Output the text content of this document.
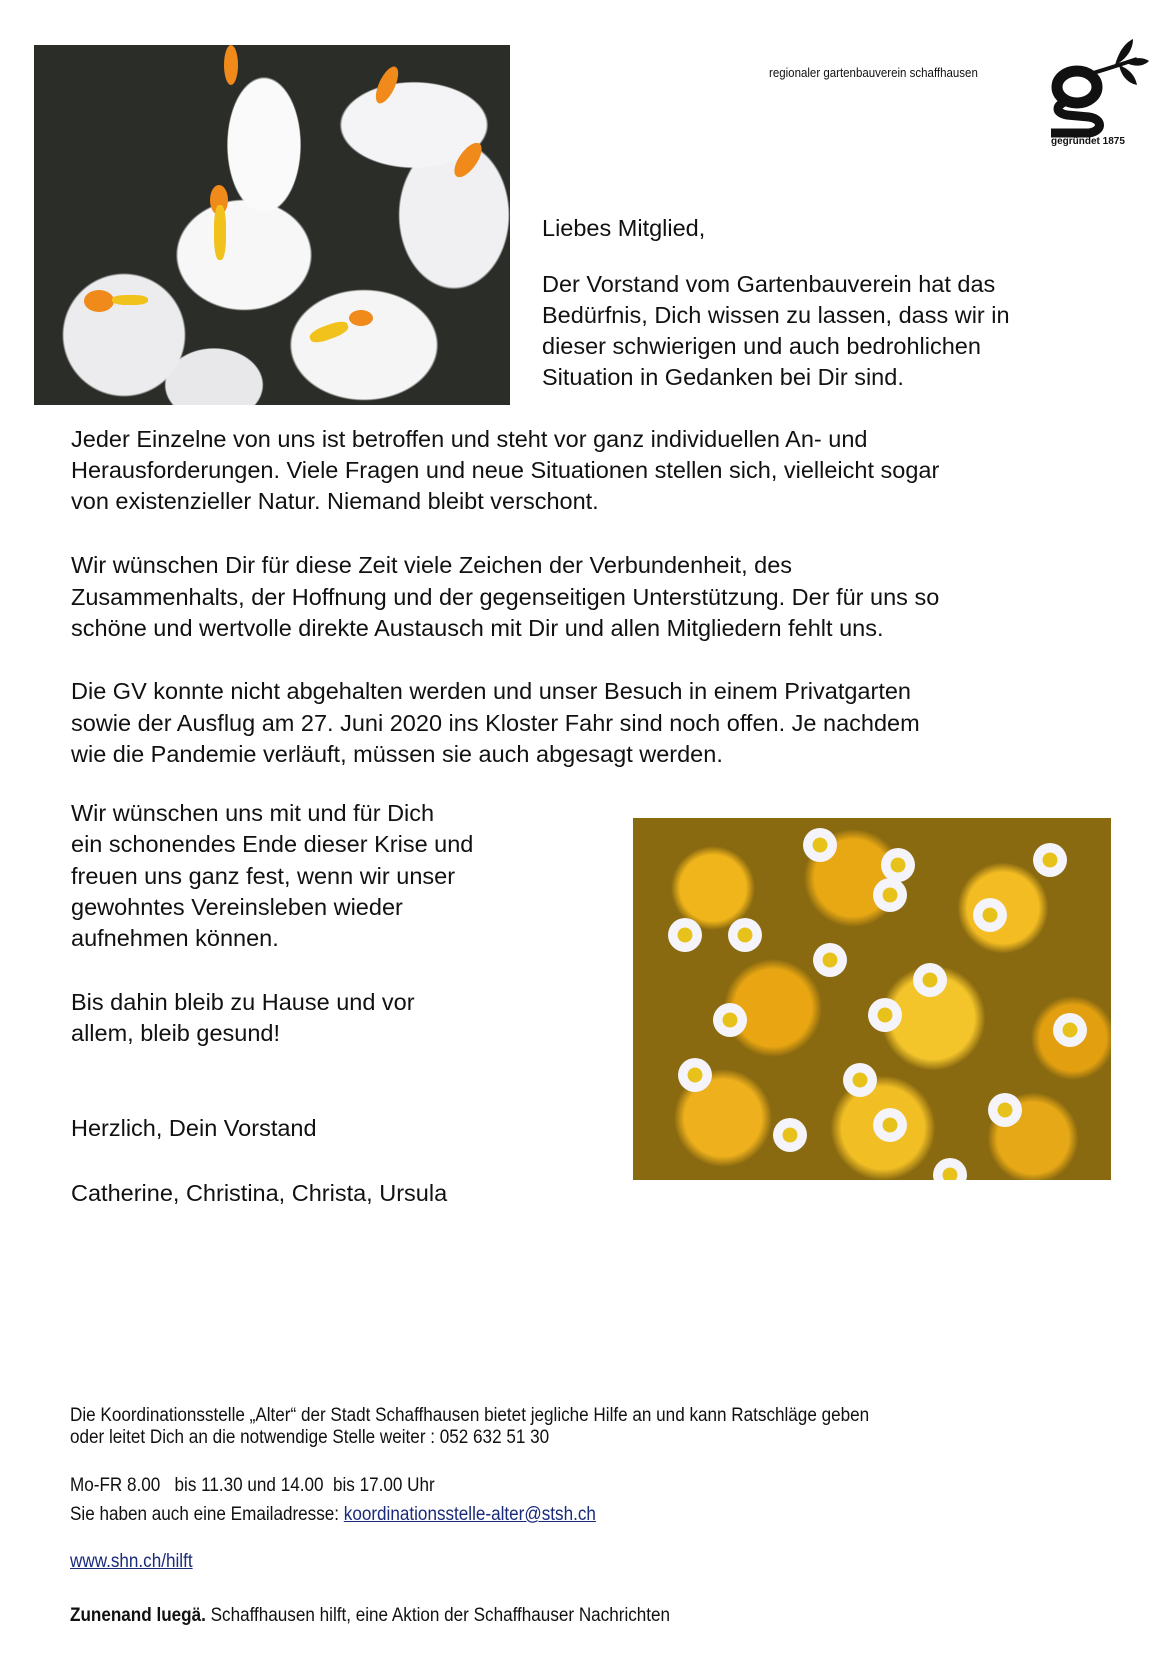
regionaler gartenbauverein schaffhausen
gegründet 1875
Liebes Mitglied,
Der Vorstand vom Gartenbauverein hat das
Bedürfnis, Dich wissen zu lassen, dass wir in
dieser schwierigen und auch bedrohlichen
Situation in Gedanken bei Dir sind.
Jeder Einzelne von uns ist betroffen und steht vor ganz individuellen An- und
Herausforderungen. Viele Fragen und neue Situationen stellen sich, vielleicht sogar
von existenzieller Natur. Niemand bleibt verschont.
Wir wünschen Dir für diese Zeit viele Zeichen der Verbundenheit, des
Zusammenhalts, der Hoffnung und der gegenseitigen Unterstützung. Der für uns so
schöne und wertvolle direkte Austausch mit Dir und allen Mitgliedern fehlt uns.
Die GV konnte nicht abgehalten werden und unser Besuch in einem Privatgarten
sowie der Ausflug am 27. Juni 2020 ins Kloster Fahr sind noch offen. Je nachdem
wie die Pandemie verläuft, müssen sie auch abgesagt werden.
Wir wünschen uns mit und für Dich
ein schonendes Ende dieser Krise und
freuen uns ganz fest, wenn wir unser
gewohntes Vereinsleben wieder
aufnehmen können.
Bis dahin bleib zu Hause und vor
allem, bleib gesund!
Herzlich, Dein Vorstand
Catherine, Christina, Christa, Ursula
Die Koordinationsstelle „Alter“ der Stadt Schaffhausen bietet jegliche Hilfe an und kann Ratschläge geben
oder leitet Dich an die notwendige Stelle weiter : 052 632 51 30
Mo-FR 8.00   bis 11.30 und 14.00  bis 17.00 Uhr
Sie haben auch eine Emailadresse: koordinationsstelle-alter@stsh.ch
www.shn.ch/hilft
Zunenand luegä. Schaffhausen hilft, eine Aktion der Schaffhauser Nachrichten
